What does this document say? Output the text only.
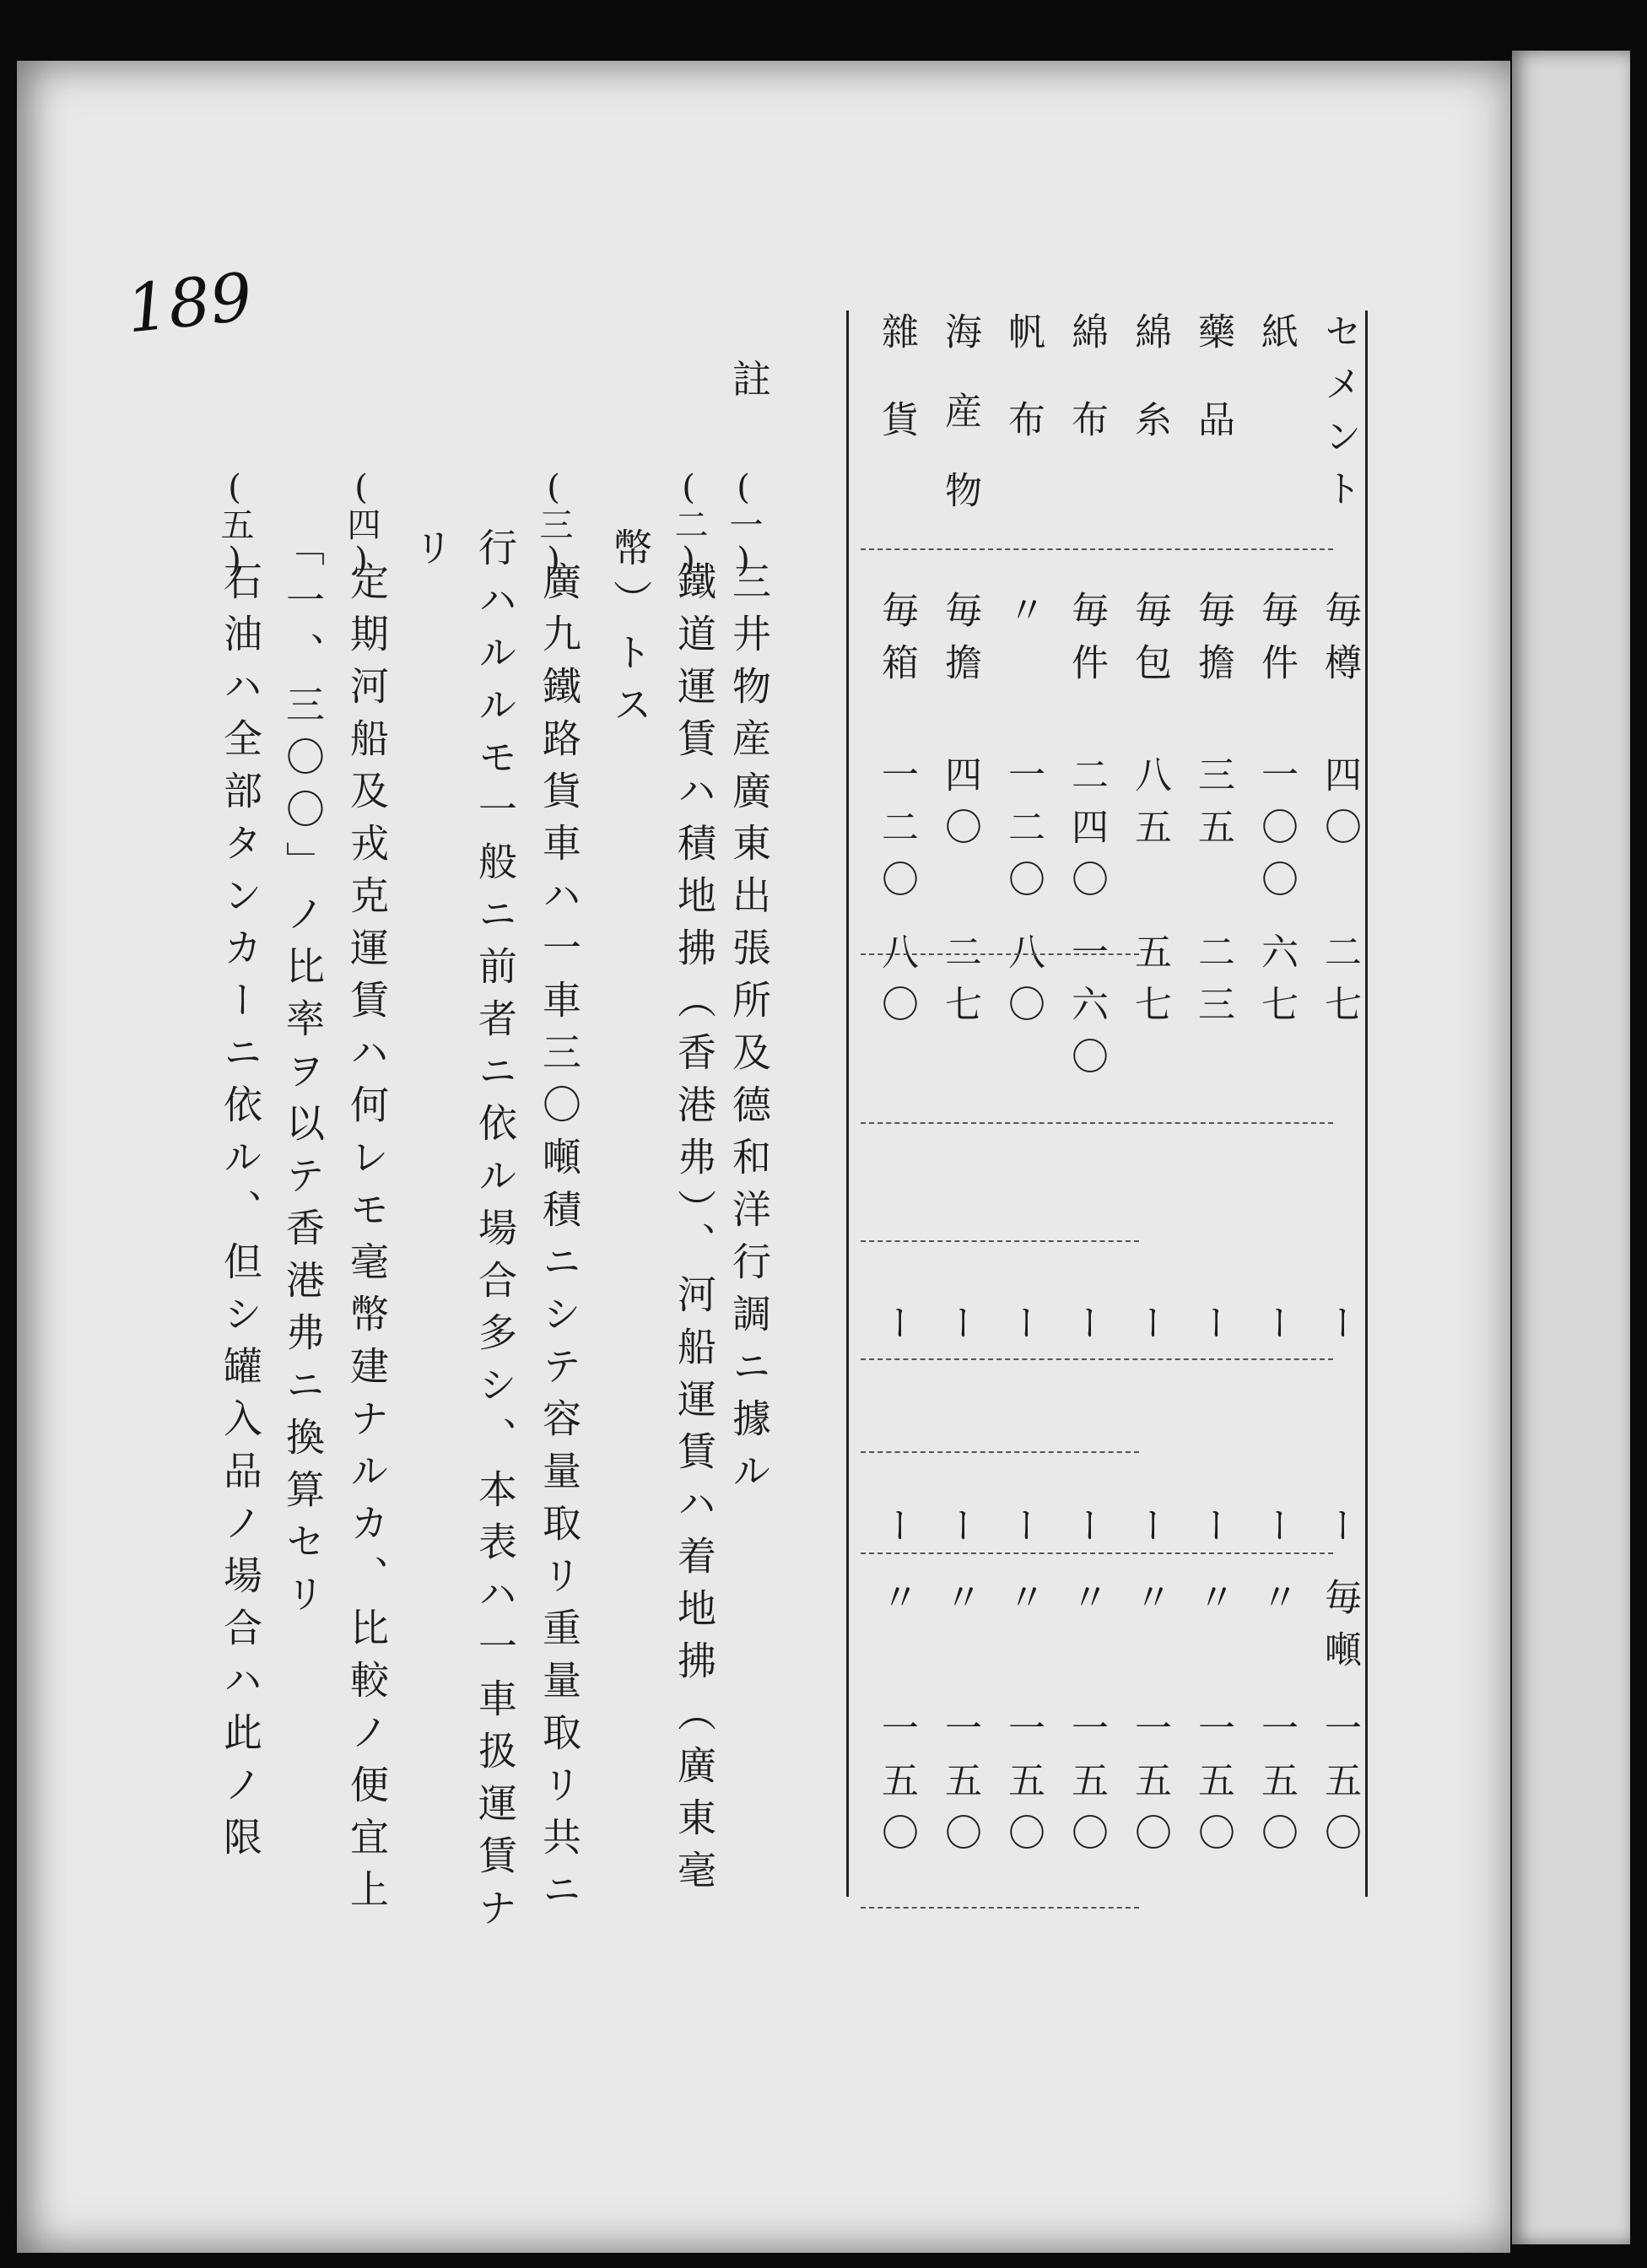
189
セメント
毎樽
四〇
二七
ー
ー
毎噸
一五〇
紙
毎件
一〇〇
六七
ー
ー
〃
一五〇
藥品
毎擔
三五
二三
ー
ー
〃
一五〇
綿糸
毎包
八五
五七
ー
ー
〃
一五〇
綿布
毎件
二四〇
一六〇
ー
ー
〃
一五〇
帆布
〃
一二〇
八〇
ー
ー
〃
一五〇
海産物
毎擔
四〇
二七
ー
ー
〃
一五〇
雜貨
毎箱
一二〇
八〇
ー
ー
〃
一五〇
註
(一)
三井物産廣東出張所及德和洋行調ニ據ル
(二)
鐵道運賃ハ積地拂（香港弗）、河船運賃ハ着地拂（廣東毫
幣）トス
(三)
廣九鐵路貨車ハ一車三〇噸積ニシテ容量取リ重量取リ共ニ
行ハルルモ一般ニ前者ニ依ル場合多シ、本表ハ一車扱運賃ナ
リ
(四)
定期河船及戎克運賃ハ何レモ毫幣建ナルカ、比較ノ便宜上
「一、三〇〇」ノ比率ヲ以テ香港弗ニ換算セリ
(五)
石油ハ全部タンカーニ依ル、但シ罐入品ノ場合ハ此ノ限
